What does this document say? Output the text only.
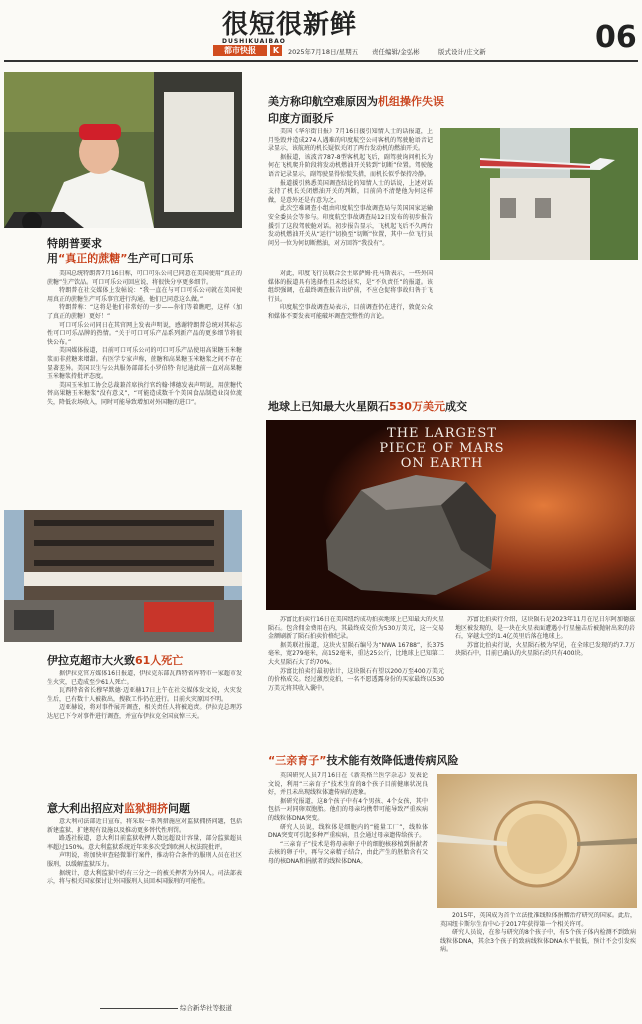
很短很新鲜
DUSHIKUAIBAO
都市快报	K	2025年7月18日/星期五 责任编辑/金弘彬	版式设计/庄文新	06
特朗普要求
用“真正的蔗糖”生产可口可乐

美国总统特朗普7月16日称，可口可乐公司已同意在美国使用“真正的蔗糖”生产饮品。可口可乐公司回应说，将很快分享更多细节。

特朗普在社交媒体上发帖说：“我一直在与可口可乐公司就在美国使用真正的蔗糖生产可乐事宜进行沟通，他们已同意这么做。”

特朗普称：“这将是他们非常好的一步——你们等着瞧吧，这样（加了真正的蔗糖）更好！”

可口可乐公司同日在其官网上发表声明说，感谢特朗普总统对其标志性可口可乐品牌的热情。“关于可口可乐产品系列新产品的更多细节将很快公布。”

美国媒体报道，目前可口可乐公司的可口可乐产品使用高果糖玉米糖浆而非蔗糖来增甜。有医学专家声称，蔗糖和高果糖玉米糖浆之间不存在显著差异。美国卫生与公共服务部部长小罗伯特·肯尼迪此前一直对高果糖玉米糖浆持批评态度。

美国玉米加工协会总裁兼首席执行官约翰·博德发表声明说，用蔗糖代替高果糖玉米糖浆“没有意义”，“可能造成数千个美国食品制造业岗位流失，降低农场收入，同时可能导致增加对外国糖的进口”。

伊拉克超市大火致61人死亡

据伊拉克官方媒体16日报道，伊拉克东部瓦西特省库特市一家超市发生火灾，已造成至少61人死亡。

瓦西特省省长穆罕默德·迈亚赫17日上午在社交媒体发文说，火灾发生后，已有数十人被救出，搜救工作仍在进行。目前火灾原因不明。

迈亚赫说，将对事件展开调查，相关责任人将被追责。伊拉克总理苏达尼已下令对事件进行调查，并宣布伊拉克全国哀悼三天。

意大利出招应对监狱拥挤问题

意大利司法部近日宣布，将采取一系列措施应对监狱拥挤问题，包括新建监狱、扩建现有设施以及推动更多替代性刑罚。

路透社报道，意大利目前监狱收押人数远超设计容量，部分监狱超员率超过150%。意大利监狱系统近年来多次受到欧洲人权法院批评。

声明说，将加快审查轻微罪行案件，推动符合条件的服刑人员在社区服刑，以缓解监狱压力。

据统计，意大利监狱中约有三分之一的被关押者为外国人。司法部表示，将与相关国家探讨让外国服刑人员回本国服刑的可能性。

综合新华社等报道
美方称印航空难原因为机组操作失误
印度方面驳斥

美国《华尔街日报》7月16日援引知情人士的话报道，上月坠毁并造成274人遇难的印度航空公司客机的驾驶舱语音记录显示，该航班的机长疑似关闭了两台发动机的燃油开关。

据报道，该波音787-8型客机起飞后，副驾驶询问机长为何在飞机爬升阶段将发动机燃油开关转到“切断”位置。驾驶舱语音记录显示，副驾驶显得惊慌失措，而机长似乎保持冷静。

报道援引熟悉美国调查结论的知情人士的话说，上述对话支持了机长关闭燃油开关的判断，目前尚不清楚他为何这样做，是意外还是有意为之。

此次空难调查小组由印度航空事故调查局与美国国家运输安全委员会等参与。印度航空事故调查局12日发布的初步报告援引了这段驾驶舱对话。初步报告显示，飞机起飞后不久两台发动机燃油开关从“运行”切换至“切断”位置，其中一位飞行员问另一位为何切断燃油，对方回答“我没有”。

对此，印度飞行员联合会主席萨姆·托马斯表示，一些外国媒体的报道具有选择性且未经证实，是“不负责任”的报道。该组织强调，在最终调查报告出炉前，不应仓促将事故归咎于飞行员。

印度航空事故调查局表示，目前调查仍在进行，敦促公众和媒体不要发表可能破坏调查完整性的言论。

地球上已知最大火星陨石530万美元成交
THE LARGEST
PIECE OF MARS
ON EARTH

苏富比拍卖行16日在美国纽约成功拍卖地球上已知最大的火星陨石。包含佣金费用在内，其最终成交价为530万美元，这一交易金额刷新了陨石拍卖价格纪录。

据美联社报道，这块火星陨石编号为“NWA 16788”，长375毫米，宽279毫米，高152毫米，重达25公斤，比地球上已知第二大火星陨石大了约70%。

苏富比拍卖行最初估计，这块陨石有望以200万至400万美元的价格成交。经过激烈竞拍，一名不愿透露身份的买家最终以530万美元将其收入囊中。

苏富比拍卖行介绍，这块陨石是2023年11月在尼日尔阿加德兹地区被发现的，是一块在火星表面遭遇小行星撞击后被抛射出来的岩石，穿越太空约1.4亿英里后落在地球上。

苏富比拍卖行说，火星陨石极为罕见，在全球已发现的约7.7万块陨石中，目前已确认的火星陨石约只有400块。

“三亲育子”技术能有效降低遗传病风险

英国研究人员7月16日在《新英格兰医学杂志》发表论文说，利用“三亲育子”技术生育的8个孩子目前健康状况良好，并且未出现线粒体遗传病的迹象。

据研究报道，这8个孩子中有4个男孩、4个女孩，其中包括一对同卵双胞胎。他们的母亲均携带可能导致严重疾病的线粒体DNA突变。

研究人员说，线粒体是细胞内的“能量工厂”，线粒体DNA突变可引起多种严重疾病，且会通过母亲遗传给孩子。

“三亲育子”技术是将母亲卵子中的细胞核移植到捐献者去核的卵子中，再与父亲精子结合，由此产生的胚胎含有父母的核DNA和捐献者的线粒体DNA。

2015年，英国成为首个立法批准线粒体捐赠治疗研究的国家。此后，英国纽卡斯尔生育中心于2017年获得第一个相关许可。

研究人员说，在参与研究的8个孩子中，有5个孩子体内检测不到致病线粒体DNA，其余3个孩子的致病线粒体DNA水平很低，预计不会引发疾病。
